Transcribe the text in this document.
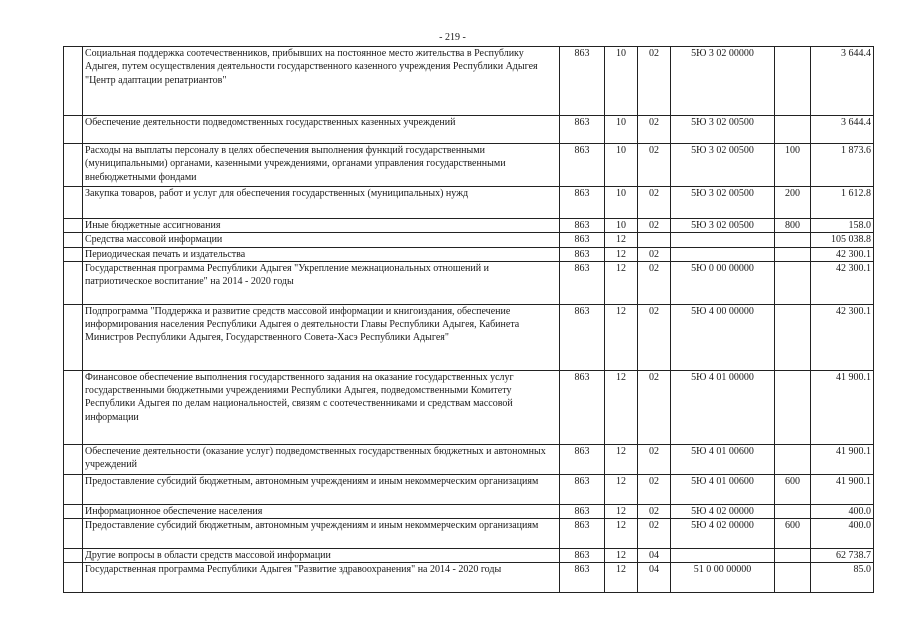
- 219 -
	Социальная поддержка соотечественников, прибывших на постоянное место жительства в Республику Адыгея, путем осуществления деятельности государственного казенного учреждения Республики Адыгея "Центр адаптации репатриантов"	863	10	02	5Ю 3 02 00000		3 644.4
	Обеспечение деятельности подведомственных государственных казенных учреждений	863	10	02	5Ю 3 02 00500		3 644.4
	Расходы на выплаты персоналу в целях обеспечения выполнения функций государственными (муниципальными) органами, казенными учреждениями, органами управления государственными внебюджетными фондами	863	10	02	5Ю 3 02 00500	100	1 873.6
	Закупка товаров, работ и услуг для обеспечения государственных (муниципальных) нужд	863	10	02	5Ю 3 02 00500	200	1 612.8
	Иные бюджетные ассигнования	863	10	02	5Ю 3 02 00500	800	158.0
	Средства массовой информации	863	12				105 038.8
	Периодическая печать и издательства	863	12	02			42 300.1
	Государственная программа Республики Адыгея "Укрепление межнациональных отношений и патриотическое воспитание" на 2014 - 2020 годы	863	12	02	5Ю 0 00 00000		42 300.1
	Подпрограмма "Поддержка и развитие средств массовой информации и книгоиздания, обеспечение информирования населения Республики Адыгея о деятельности Главы Республики Адыгея, Кабинета Министров Республики Адыгея, Государственного Совета-Хасэ Республики Адыгея"	863	12	02	5Ю 4 00 00000		42 300.1
	Финансовое обеспечение выполнения государственного задания на оказание государственных услуг государственными бюджетными учреждениями Республики Адыгея, подведомственными Комитету Республики Адыгея по делам национальностей, связям с соотечественниками и средствам массовой информации	863	12	02	5Ю 4 01 00000		41 900.1
	Обеспечение деятельности (оказание услуг) подведомственных государственных бюджетных и автономных учреждений	863	12	02	5Ю 4 01 00600		41 900.1
	Предоставление субсидий бюджетным, автономным учреждениям и иным некоммерческим организациям	863	12	02	5Ю 4 01 00600	600	41 900.1
	Информационное обеспечение населения	863	12	02	5Ю 4 02 00000		400.0
	Предоставление субсидий бюджетным, автономным учреждениям и иным некоммерческим организациям	863	12	02	5Ю 4 02 00000	600	400.0
	Другие вопросы в области средств массовой информации	863	12	04			62 738.7
	Государственная программа Республики Адыгея "Развитие здравоохранения" на 2014 - 2020 годы	863	12	04	51 0 00 00000		85.0
